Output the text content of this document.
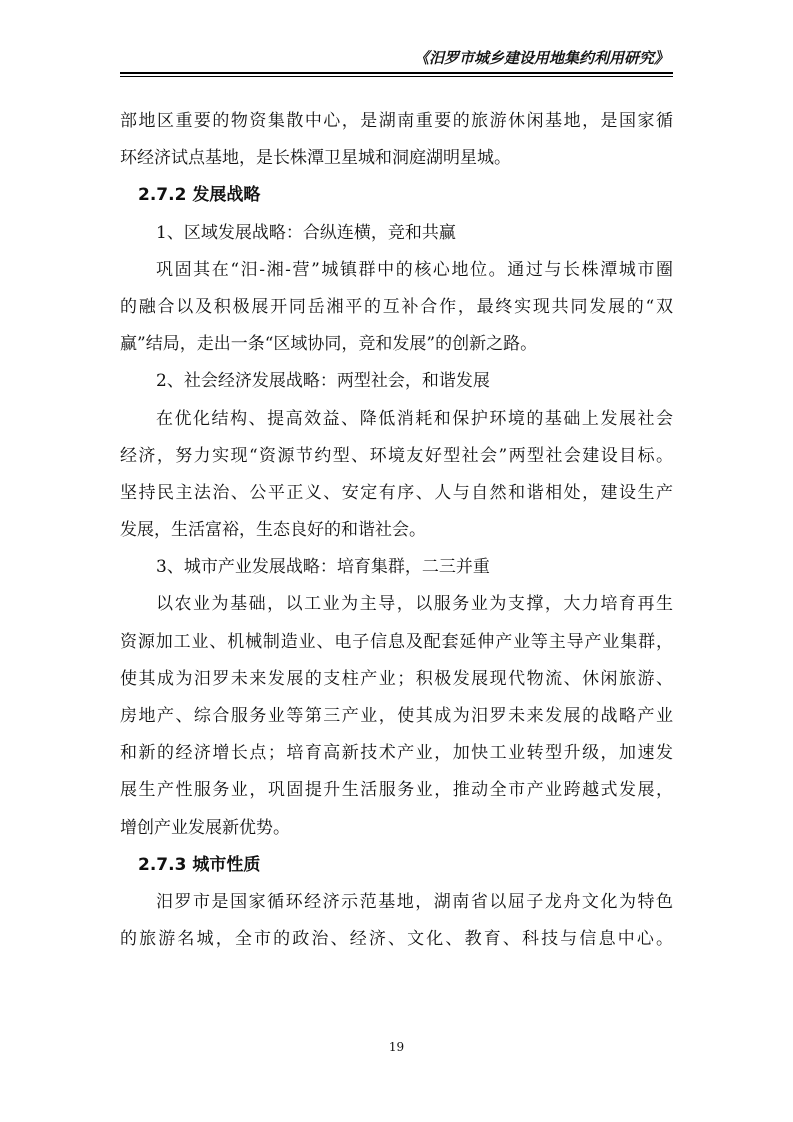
《汨罗市城乡建设用地集约利用研究》
部地区重要的物资集散中心，是湖南重要的旅游休闲基地，是国家循
环经济试点基地，是长株潭卫星城和洞庭湖明星城。
2.7.2 发展战略
1、区域发展战略：合纵连横，竞和共赢
巩固其在“汨-湘-营”城镇群中的核心地位。通过与长株潭城市圈
的融合以及积极展开同岳湘平的互补合作，最终实现共同发展的“双
赢”结局，走出一条“区域协同，竞和发展”的创新之路。
2、社会经济发展战略：两型社会，和谐发展
在优化结构、提高效益、降低消耗和保护环境的基础上发展社会
经济，努力实现“资源节约型、环境友好型社会”两型社会建设目标。
坚持民主法治、公平正义、安定有序、人与自然和谐相处，建设生产
发展，生活富裕，生态良好的和谐社会。
3、城市产业发展战略：培育集群，二三并重
以农业为基础，以工业为主导，以服务业为支撑，大力培育再生
资源加工业、机械制造业、电子信息及配套延伸产业等主导产业集群，
使其成为汨罗未来发展的支柱产业；积极发展现代物流、休闲旅游、
房地产、综合服务业等第三产业，使其成为汨罗未来发展的战略产业
和新的经济增长点；培育高新技术产业，加快工业转型升级，加速发
展生产性服务业，巩固提升生活服务业，推动全市产业跨越式发展，
增创产业发展新优势。
2.7.3 城市性质
汨罗市是国家循环经济示范基地，湖南省以屈子龙舟文化为特色
的旅游名城，全市的政治、经济、文化、教育、科技与信息中心。
19
